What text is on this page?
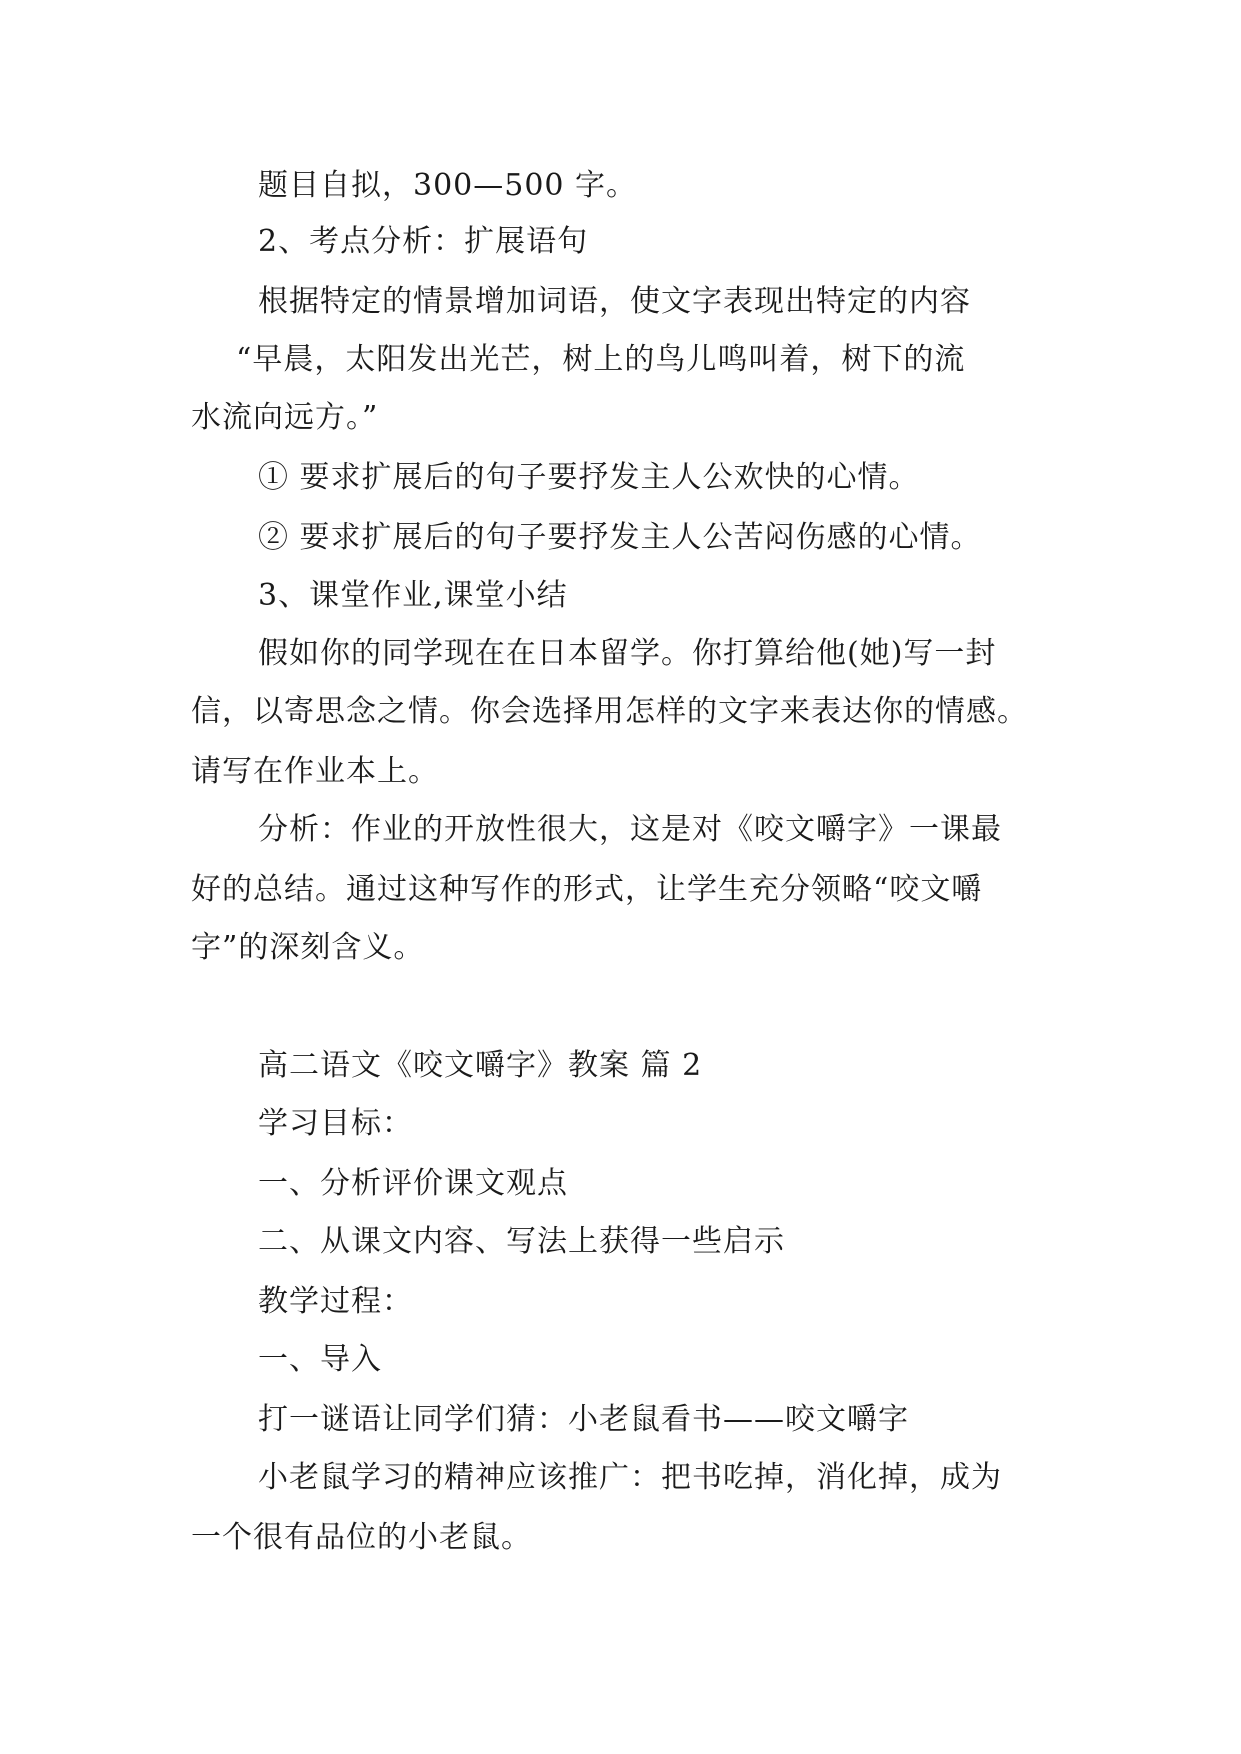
题目自拟，300—500 字。
2、考点分析：扩展语句
根据特定的情景增加词语，使文字表现出特定的内容
“早晨，太阳发出光芒，树上的鸟儿鸣叫着，树下的流
水流向远方。”
① 要求扩展后的句子要抒发主人公欢快的心情。
② 要求扩展后的句子要抒发主人公苦闷伤感的心情。
3、课堂作业,课堂小结
假如你的同学现在在日本留学。你打算给他(她)写一封
信，以寄思念之情。你会选择用怎样的文字来表达你的情感。
请写在作业本上。
分析：作业的开放性很大，这是对《咬文嚼字》一课最
好的总结。通过这种写作的形式，让学生充分领略“咬文嚼
字”的深刻含义。
高二语文《咬文嚼字》教案 篇 2
学习目标：
一、分析评价课文观点
二、从课文内容、写法上获得一些启示
教学过程：
一、导入
打一谜语让同学们猜：小老鼠看书——咬文嚼字
小老鼠学习的精神应该推广：把书吃掉，消化掉，成为
一个很有品位的小老鼠。
